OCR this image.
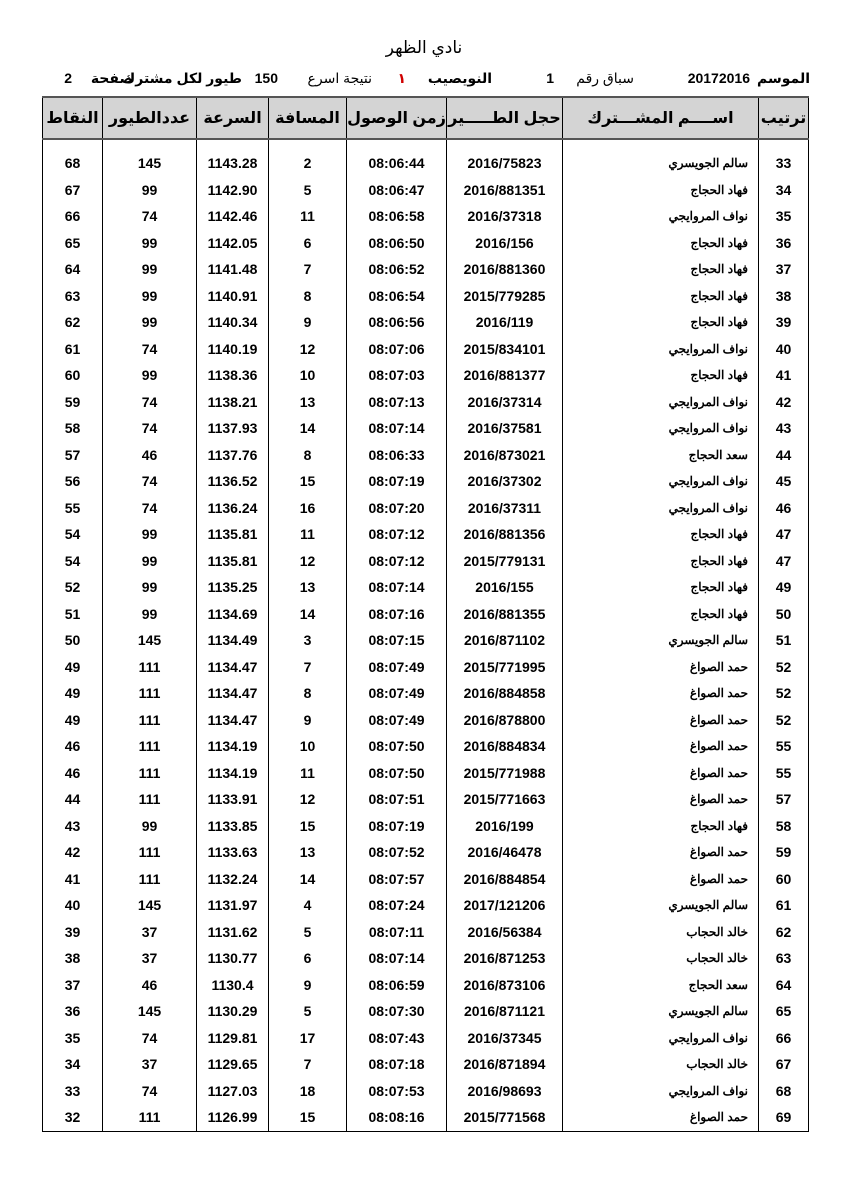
نادي الظهر
الموسم
20172016
سباق رقم
1
النويصيب
١
نتيجة اسرع
150
طيور لكل مشترك
صفحة
2
ترتيب	اســــم المشـــترك	حجل الطـــــير	زمن الوصول	المسافة	السرعة	عددالطيور	النقاط
33	سالم الجويسري	2016/75823	08:06:44	2	1143.28	145	68
34	فهاد الحجاج	2016/881351	08:06:47	5	1142.90	99	67
35	نواف المروايجي	2016/37318	08:06:58	11	1142.46	74	66
36	فهاد الحجاج	2016/156	08:06:50	6	1142.05	99	65
37	فهاد الحجاج	2016/881360	08:06:52	7	1141.48	99	64
38	فهاد الحجاج	2015/779285	08:06:54	8	1140.91	99	63
39	فهاد الحجاج	2016/119	08:06:56	9	1140.34	99	62
40	نواف المروايجي	2015/834101	08:07:06	12	1140.19	74	61
41	فهاد الحجاج	2016/881377	08:07:03	10	1138.36	99	60
42	نواف المروايجي	2016/37314	08:07:13	13	1138.21	74	59
43	نواف المروايجي	2016/37581	08:07:14	14	1137.93	74	58
44	سعد الحجاج	2016/873021	08:06:33	8	1137.76	46	57
45	نواف المروايجي	2016/37302	08:07:19	15	1136.52	74	56
46	نواف المروايجي	2016/37311	08:07:20	16	1136.24	74	55
47	فهاد الحجاج	2016/881356	08:07:12	11	1135.81	99	54
47	فهاد الحجاج	2015/779131	08:07:12	12	1135.81	99	54
49	فهاد الحجاج	2016/155	08:07:14	13	1135.25	99	52
50	فهاد الحجاج	2016/881355	08:07:16	14	1134.69	99	51
51	سالم الجويسري	2016/871102	08:07:15	3	1134.49	145	50
52	حمد الصواغ	2015/771995	08:07:49	7	1134.47	111	49
52	حمد الصواغ	2016/884858	08:07:49	8	1134.47	111	49
52	حمد الصواغ	2016/878800	08:07:49	9	1134.47	111	49
55	حمد الصواغ	2016/884834	08:07:50	10	1134.19	111	46
55	حمد الصواغ	2015/771988	08:07:50	11	1134.19	111	46
57	حمد الصواغ	2015/771663	08:07:51	12	1133.91	111	44
58	فهاد الحجاج	2016/199	08:07:19	15	1133.85	99	43
59	حمد الصواغ	2016/46478	08:07:52	13	1133.63	111	42
60	حمد الصواغ	2016/884854	08:07:57	14	1132.24	111	41
61	سالم الجويسري	2017/121206	08:07:24	4	1131.97	145	40
62	خالد الحجاب	2016/56384	08:07:11	5	1131.62	37	39
63	خالد الحجاب	2016/871253	08:07:14	6	1130.77	37	38
64	سعد الحجاج	2016/873106	08:06:59	9	1130.4	46	37
65	سالم الجويسري	2016/871121	08:07:30	5	1130.29	145	36
66	نواف المروايجي	2016/37345	08:07:43	17	1129.81	74	35
67	خالد الحجاب	2016/871894	08:07:18	7	1129.65	37	34
68	نواف المروايجي	2016/98693	08:07:53	18	1127.03	74	33
69	حمد الصواغ	2015/771568	08:08:16	15	1126.99	111	32
